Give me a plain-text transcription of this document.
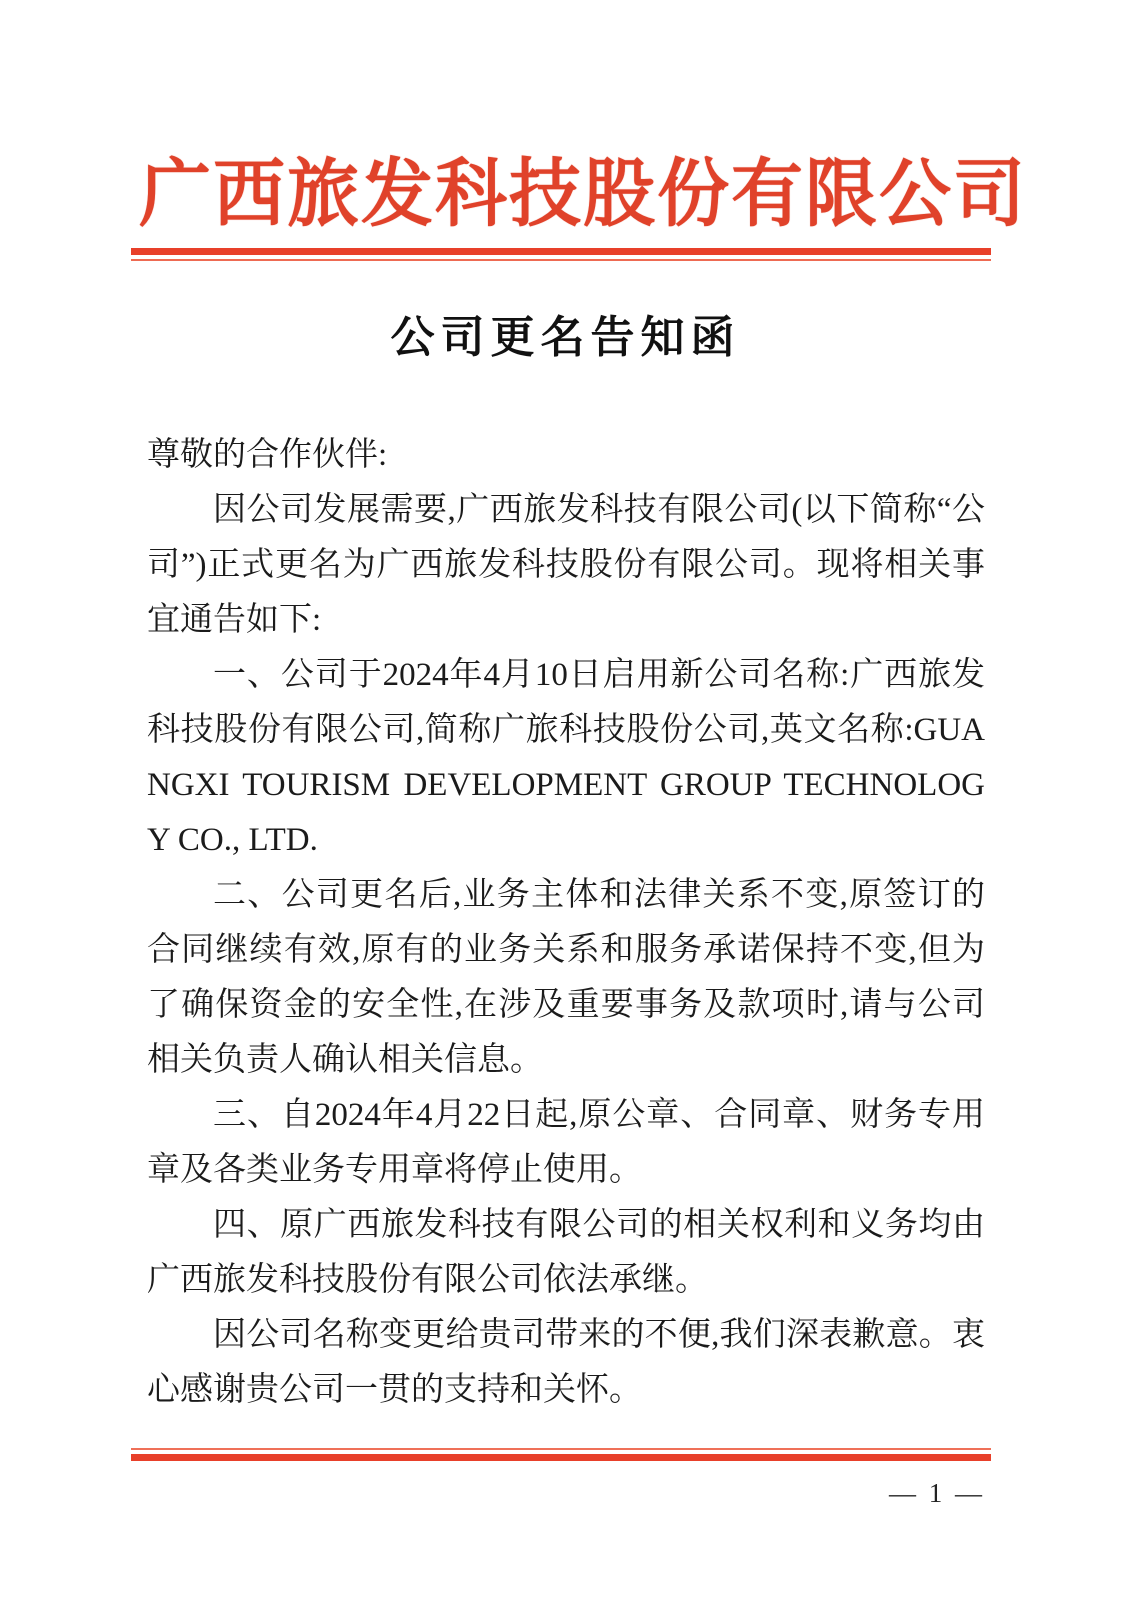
广 西 旅 发 科 技 股 份 有 限 公 司
公司更名告知函

尊敬的合作伙伴:

因公司发展需要,广西旅发科技有限公司(以下简称“公司”)正式更名为广西旅发科技股份有限公司。现将相关事宜通告如下:

一、公司于2024年4月10日启用新公司名称:广西旅发科技股份有限公司,简称广旅科技股份公司,英文名称:GUANGXI TOURISM DEVELOPMENT GROUP TECHNOLOGY CO., LTD.

二、公司更名后,业务主体和法律关系不变,原签订的合同继续有效,原有的业务关系和服务承诺保持不变,但为了确保资金的安全性,在涉及重要事务及款项时,请与公司相关负责人确认相关信息。

三、自2024年4月22日起,原公章、合同章、财务专用章及各类业务专用章将停止使用。

四、原广西旅发科技有限公司的相关权利和义务均由广西旅发科技股份有限公司依法承继。

因公司名称变更给贵司带来的不便,我们深表歉意。衷心感谢贵公司一贯的支持和关怀。

— 1 —
